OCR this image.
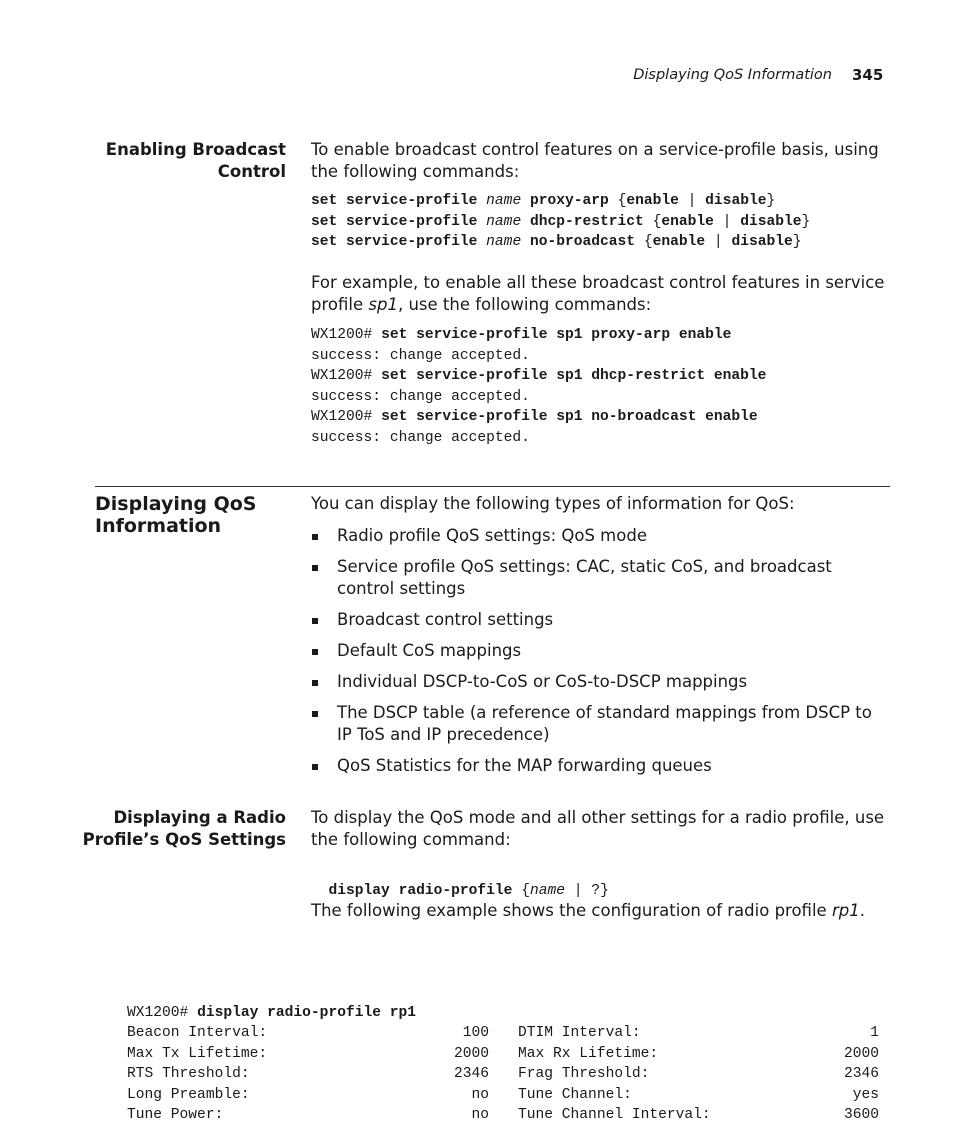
Displaying QoS Information 345
Enabling Broadcast
Control
To enable broadcast control features on a service-profile basis, using the following commands:
set service-profile name proxy-arp {enable | disable}
set service-profile name dhcp-restrict {enable | disable}
set service-profile name no-broadcast {enable | disable}
For example, to enable all these broadcast control features in service profile sp1, use the following commands:
WX1200# set service-profile sp1 proxy-arp enable
success: change accepted.
WX1200# set service-profile sp1 dhcp-restrict enable
success: change accepted.
WX1200# set service-profile sp1 no-broadcast enable
success: change accepted.
Displaying QoS
Information
You can display the following types of information for QoS:
Radio profile QoS settings: QoS mode
Service profile QoS settings: CAC, static CoS, and broadcast control settings
Broadcast control settings
Default CoS mappings
Individual DSCP-to-CoS or CoS-to-DSCP mappings
The DSCP table (a reference of standard mappings from DSCP to IP ToS and IP precedence)
QoS Statistics for the MAP forwarding queues
Displaying a Radio
Profile’s QoS Settings
To display the QoS mode and all other settings for a radio profile, use the following command:

display radio-profile {name | ?}

The following example shows the configuration of radio profile rp1.

WX1200# display radio-profile rp1

Beacon Interval:	100 DTIM Interval:	1
Max Tx Lifetime:	2000 Max Rx Lifetime:	2000
RTS Threshold:	2346 Frag Threshold:	2346
Long Preamble:	no Tune Channel:	yes
Tune Power:	no Tune Channel Interval:	3600
